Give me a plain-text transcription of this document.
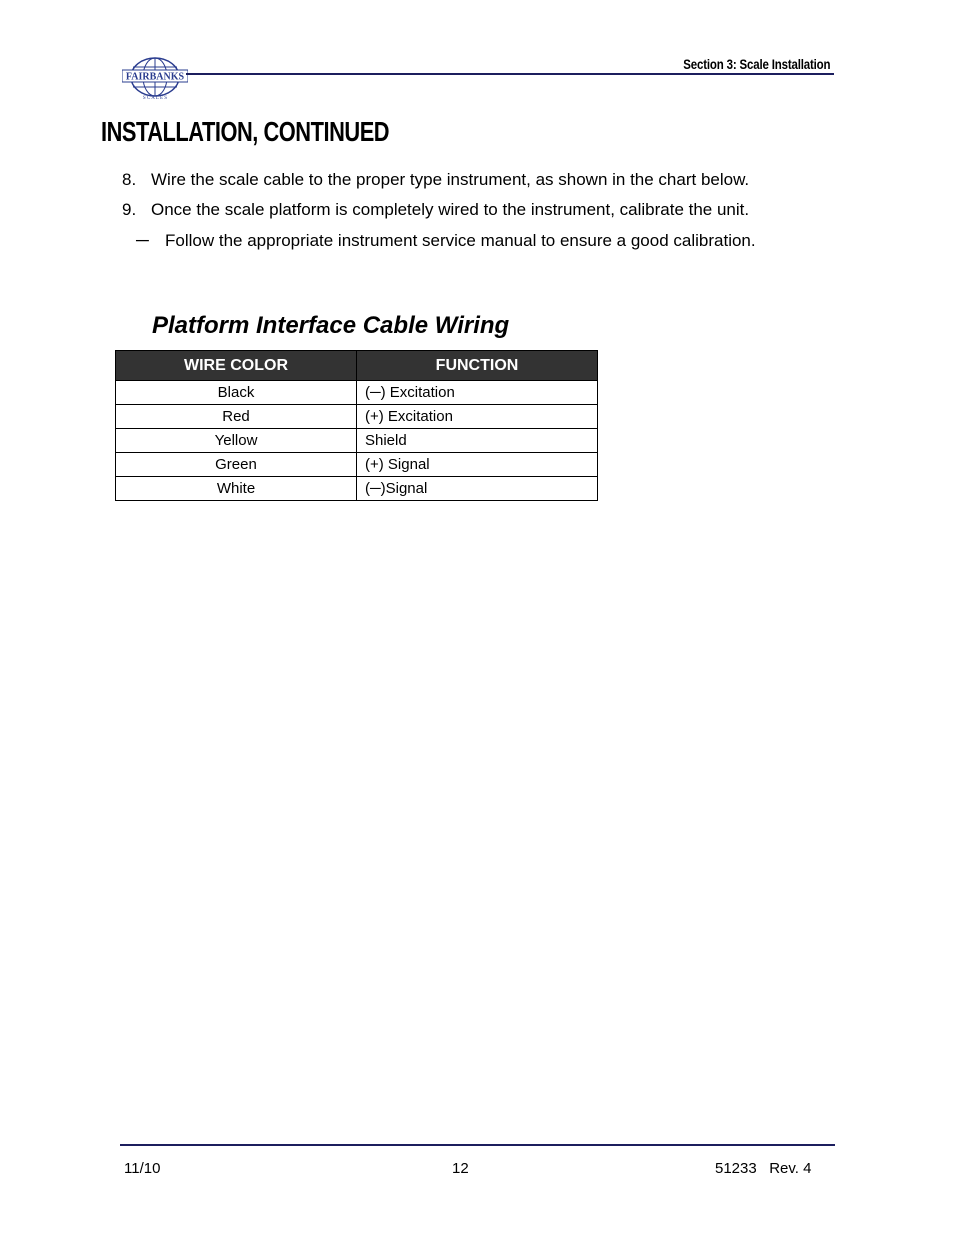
FAIRBANKS
S C A L E S
Section 3: Scale Installation
INSTALLATION, CONTINUED
8. Wire the scale cable to the proper type instrument, as shown in the chart below.
9. Once the scale platform is completely wired to the instrument, calibrate the unit.
─ Follow the appropriate instrument service manual to ensure a good calibration.
Platform Interface Cable Wiring
WIRE COLOR	FUNCTION
Black	(─) Excitation
Red	(+) Excitation
Yellow	Shield
Green	(+) Signal
White	(─)Signal
11/10	12	51233   Rev. 4
